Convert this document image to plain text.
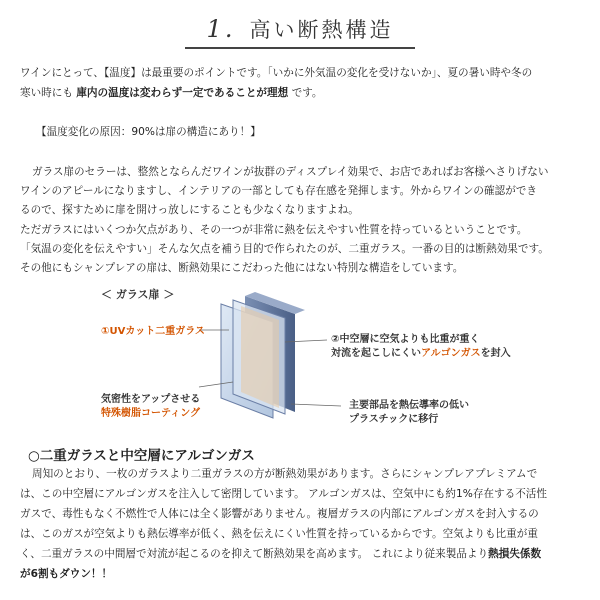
1. 高い断熱構造
ワインにとって、【温度】は最重要のポイントです。「いかに外気温の変化を受けないか」、夏の暑い時や冬の
寒い時にも 庫内の温度は変わらず一定であることが理想 です。
【温度変化の原因：90%は扉の構造にあり！】
ガラス扉のセラーは、整然とならんだワインが抜群のディスプレイ効果で、お店であればお客様へさりげない
ワインのアピールになりますし、インテリアの一部としても存在感を発揮します。外からワインの確認ができ
るので、探すために扉を開けっ放しにすることも少なくなりますよね。
ただガラスにはいくつか欠点があり、その一つが非常に熱を伝えやすい性質を持っているということです。
「気温の変化を伝えやすい」そんな欠点を補う目的で作られたのが、二重ガラス。一番の目的は断熱効果です。
その他にもシャンプレアの扉は、断熱効果にこだわった他にはない特別な構造をしています。
＜ ガラス扉 ＞
①UVカット二重ガラス
②中空層に空気よりも比重が重く
対流を起こしにくいアルゴンガスを封入
気密性をアップさせる
特殊樹脂コーティング
主要部品を熱伝導率の低い
プラスチックに移行
○二重ガラスと中空層にアルゴンガス
周知のとおり、一枚のガラスより二重ガラスの方が断熱効果があります。さらにシャンプレアプレミアムで
は、この中空層にアルゴンガスを注入して密閉しています。 アルゴンガスは、空気中にも約1%存在する不活性
ガスで、毒性もなく不燃性で人体には全く影響がありません。複層ガラスの内部にアルゴンガスを封入するの
は、このガスが空気よりも熱伝導率が低く、熱を伝えにくい性質を持っているからです。空気よりも比重が重
く、二重ガラスの中間層で対流が起こるのを抑えて断熱効果を高めます。 これにより従来製品より熱損失係数
が6割もダウン！！
